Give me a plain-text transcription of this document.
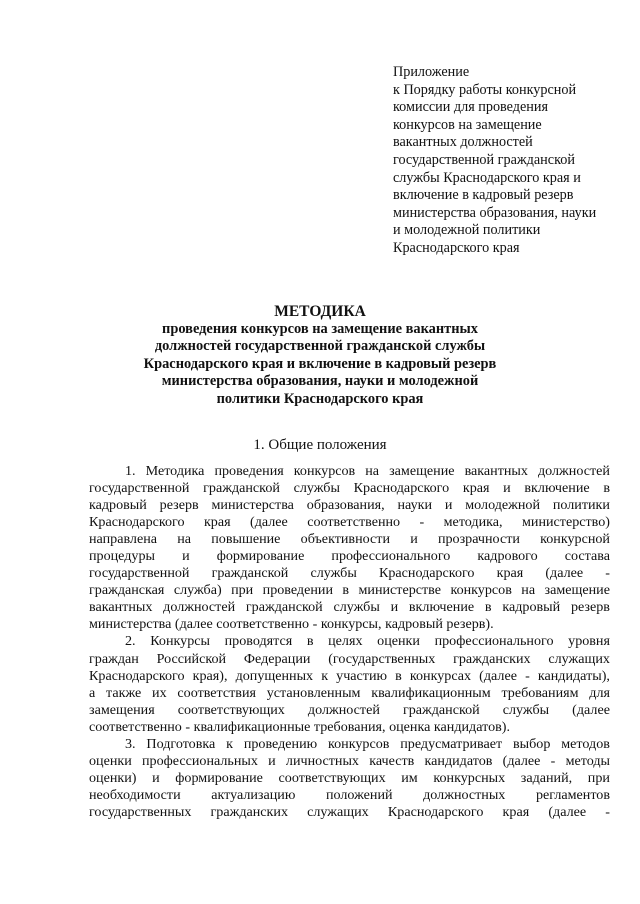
Приложение
к Порядку работы конкурсной
комиссии для проведения
конкурсов на замещение
вакантных должностей
государственной гражданской
службы Краснодарского края и
включение в кадровый резерв
министерства образования, науки
и молодежной политики
Краснодарского края
МЕТОДИКА
проведения конкурсов на замещение вакантных
должностей государственной гражданской службы
Краснодарского края и включение в кадровый резерв
министерства образования, науки и молодежной
политики Краснодарского края
1. Общие положения
1. Методика проведения конкурсов на замещение вакантных должностей
государственной гражданской службы Краснодарского края и включение в
кадровый резерв министерства образования, науки и молодежной политики
Краснодарского края (далее соответственно - методика, министерство)
направлена на повышение объективности и прозрачности конкурсной
процедуры и формирование профессионального кадрового состава
государственной гражданской службы Краснодарского края (далее -
гражданская служба) при проведении в министерстве конкурсов на замещение
вакантных должностей гражданской службы и включение в кадровый резерв
министерства (далее соответственно - конкурсы, кадровый резерв).
2. Конкурсы проводятся в целях оценки профессионального уровня
граждан Российской Федерации (государственных гражданских служащих
Краснодарского края), допущенных к участию в конкурсах (далее - кандидаты),
а также их соответствия установленным квалификационным требованиям для
замещения соответствующих должностей гражданской службы (далее
соответственно - квалификационные требования, оценка кандидатов).
3. Подготовка к проведению конкурсов предусматривает выбор методов
оценки профессиональных и личностных качеств кандидатов (далее - методы
оценки) и формирование соответствующих им конкурсных заданий, при
необходимости актуализацию положений должностных регламентов
государственных гражданских служащих Краснодарского края (далее -
